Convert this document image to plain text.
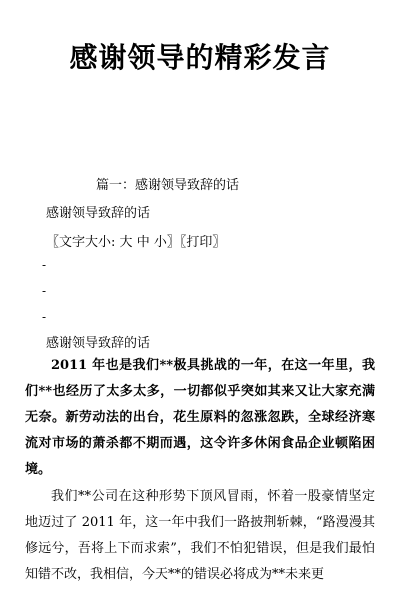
感谢领导的精彩发言
篇一：感谢领导致辞的话
感谢领导致辞的话
〖文字大小: 大 中 小〗〖打印〗
-
-
-
感谢领导致辞的话
2011 年也是我们**极具挑战的一年，在这一年里，我们**也经历了太多太多，一切都似乎突如其来又让大家充满无奈。新劳动法的出台，花生原料的忽涨忽跌，全球经济寒流对市场的萧杀都不期而遇，这令许多休闲食品企业顿陷困境。
我们**公司在这种形势下顶风冒雨，怀着一股豪情坚定地迈过了 2011 年，这一年中我们一路披荆斩棘，“路漫漫其修远兮，吾将上下而求索”，我们不怕犯错误，但是我们最怕知错不改，我相信，今天**的错误必将成为**未来更
